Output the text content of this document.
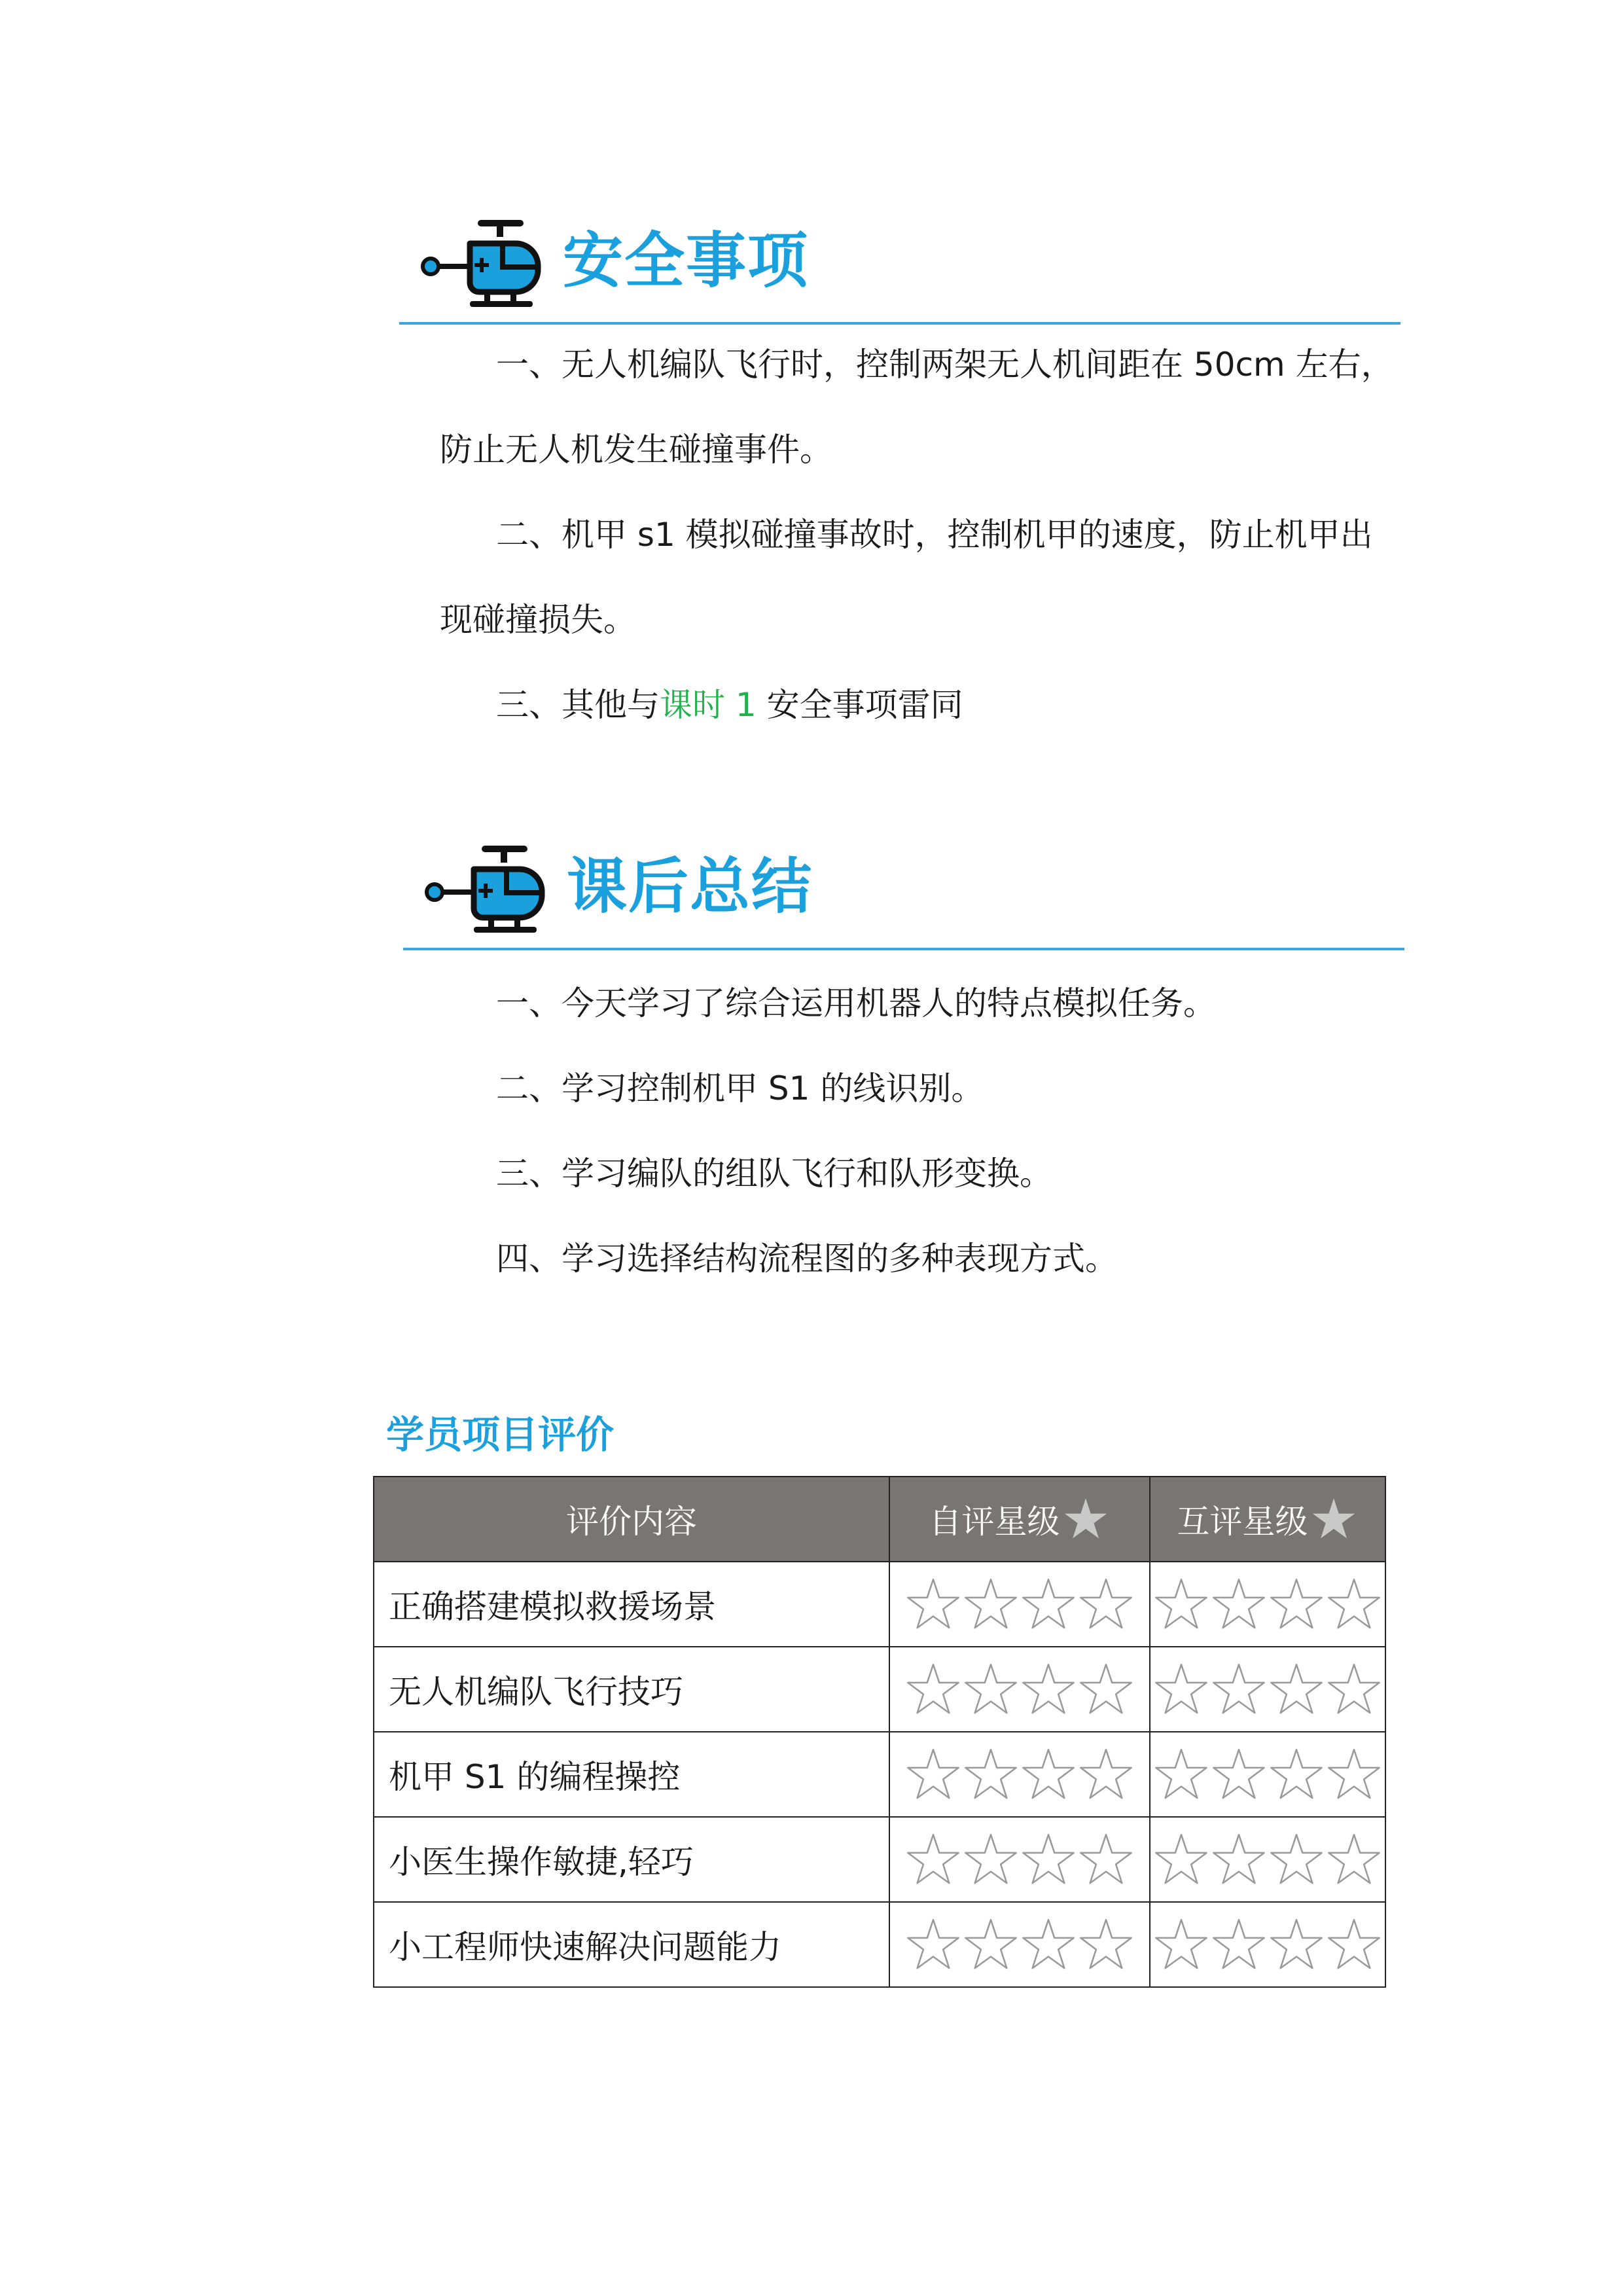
安全事项
一、无人机编队飞行时，控制两架无人机间距在 50cm 左右，
防止无人机发生碰撞事件。
二、机甲 s1 模拟碰撞事故时，控制机甲的速度，防止机甲出
现碰撞损失。
三、其他与课时 1 安全事项雷同
课后总结
一、今天学习了综合运用机器人的特点模拟任务。
二、学习控制机甲 S1 的线识别。
三、学习编队的组队飞行和队形变换。
四、学习选择结构流程图的多种表现方式。
学员项目评价
评价内容	自评星级★	互评星级★
正确搭建模拟救援场景		
无人机编队飞行技巧		
机甲 S1 的编程操控		
小医生操作敏捷,轻巧		
小工程师快速解决问题能力		
